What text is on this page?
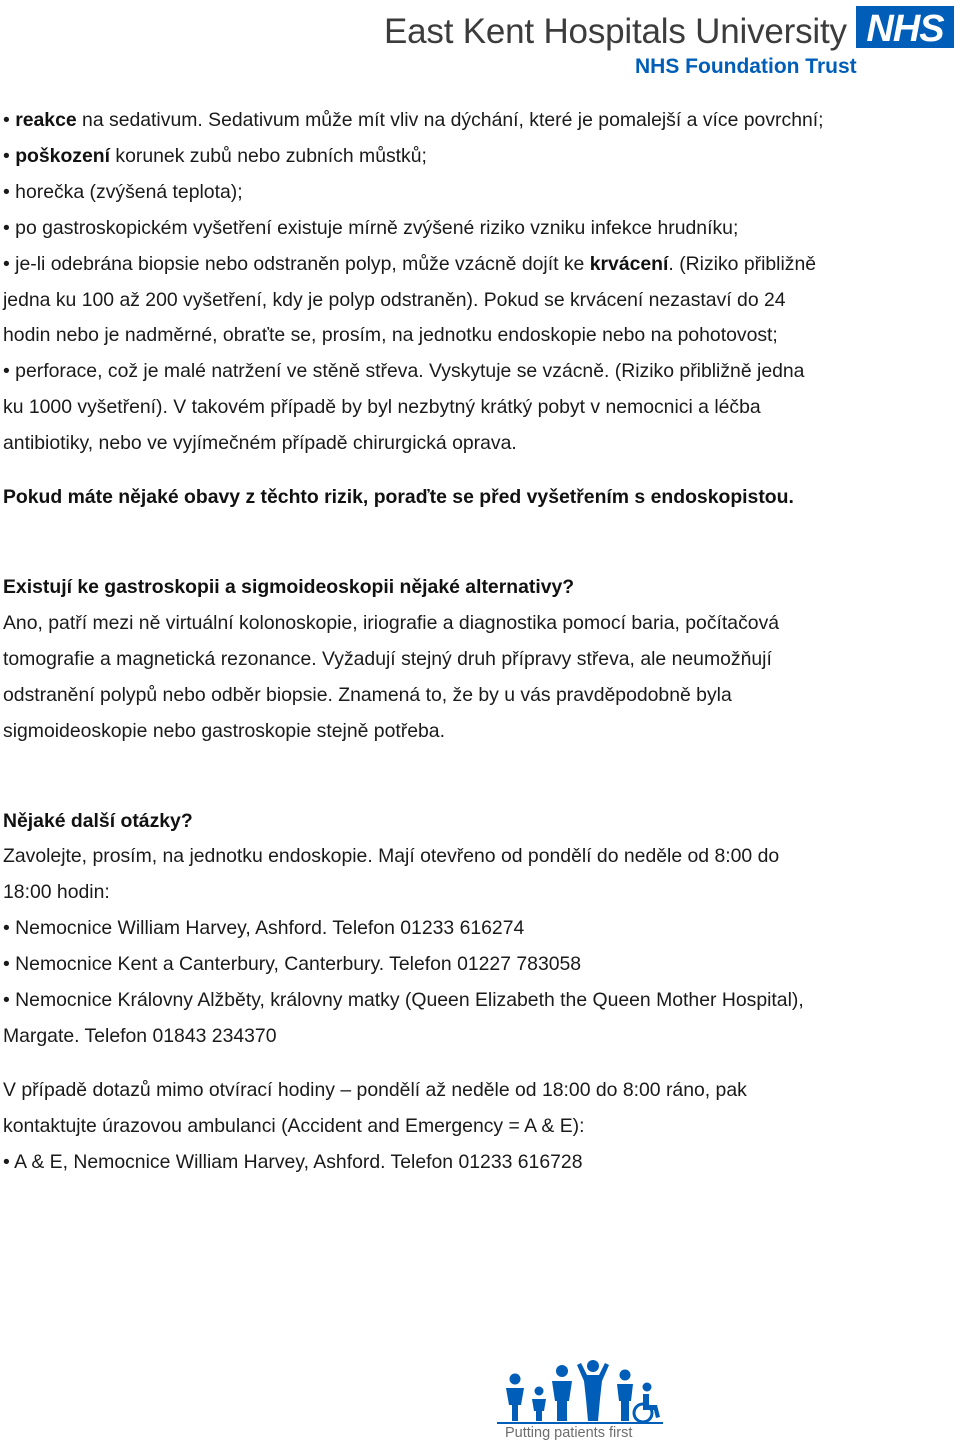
East Kent Hospitals University
NHS Foundation Trust
NHS

• reakce na sedativum. Sedativum může mít vliv na dýchání, které je pomalejší a více povrchní;

• poškození korunek zubů nebo zubních můstků;

• horečka (zvýšená teplota);

• po gastroskopickém vyšetření existuje mírně zvýšené riziko vzniku infekce hrudníku;

• je-li odebrána biopsie nebo odstraněn polyp, může vzácně dojít ke krvácení. (Riziko přibližně

jedna ku 100 až 200 vyšetření, kdy je polyp odstraněn). Pokud se krvácení nezastaví do 24

hodin nebo je nadměrné, obraťte se, prosím, na jednotku endoskopie nebo na pohotovost;

• perforace, což je malé natržení ve stěně střeva. Vyskytuje se vzácně. (Riziko přibližně jedna

ku 1000 vyšetření). V takovém případě by byl nezbytný krátký pobyt v nemocnici a léčba

antibiotiky, nebo ve vyjímečném případě chirurgická oprava.

Pokud máte nějaké obavy z těchto rizik, poraďte se před vyšetřením s endoskopistou.

Existují ke gastroskopii a sigmoideoskopii nějaké alternativy?

Ano, patří mezi ně virtuální kolonoskopie, iriografie a diagnostika pomocí baria, počítačová

tomografie a magnetická rezonance. Vyžadují stejný druh přípravy střeva, ale neumožňují

odstranění polypů nebo odběr biopsie. Znamená to, že by u vás pravděpodobně byla

sigmoideoskopie nebo gastroskopie stejně potřeba.

Nějaké další otázky?

Zavolejte, prosím, na jednotku endoskopie. Mají otevřeno od pondělí do neděle od 8:00 do

18:00 hodin:

• Nemocnice William Harvey, Ashford. Telefon 01233 616274

• Nemocnice Kent a Canterbury, Canterbury. Telefon 01227 783058

• Nemocnice Královny Alžběty, královny matky (Queen Elizabeth the Queen Mother Hospital),

Margate. Telefon 01843 234370

V případě dotazů mimo otvírací hodiny – pondělí až neděle od 18:00 do 8:00 ráno, pak

kontaktujte úrazovou ambulanci (Accident and Emergency = A & E):

• A & E, Nemocnice William Harvey, Ashford. Telefon 01233 616728

Putting patients first
